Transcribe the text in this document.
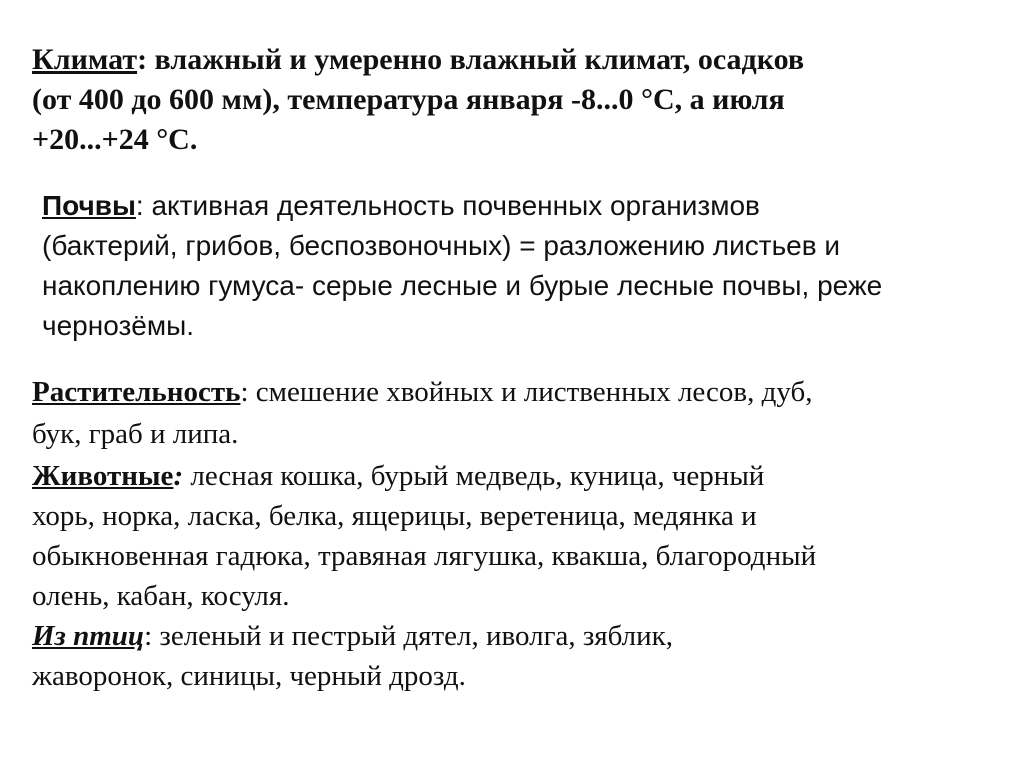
Климат: влажный и умеренно влажный климат, осадков
(от 400 до 600 мм), температура января -8...0 °С, а июля
+20...+24 °С.
Почвы: активная деятельность почвенных организмов
(бактерий, грибов, беспозвоночных) = разложению листьев и
накоплению гумуса- серые лесные и бурые лесные почвы, реже
чернозёмы.
Растительность: смешение хвойных и лиственных лесов, дуб,
бук, граб и липа.
Животные: лесная кошка, бурый медведь, куница, черный
хорь, норка, ласка, белка, ящерицы, веретеница, медянка и
обыкновенная гадюка, травяная лягушка, квакша, благородный
олень, кабан, косуля.
Из птиц: зеленый и пестрый дятел, иволга, зяблик,
жаворонок, синицы, черный дрозд.
